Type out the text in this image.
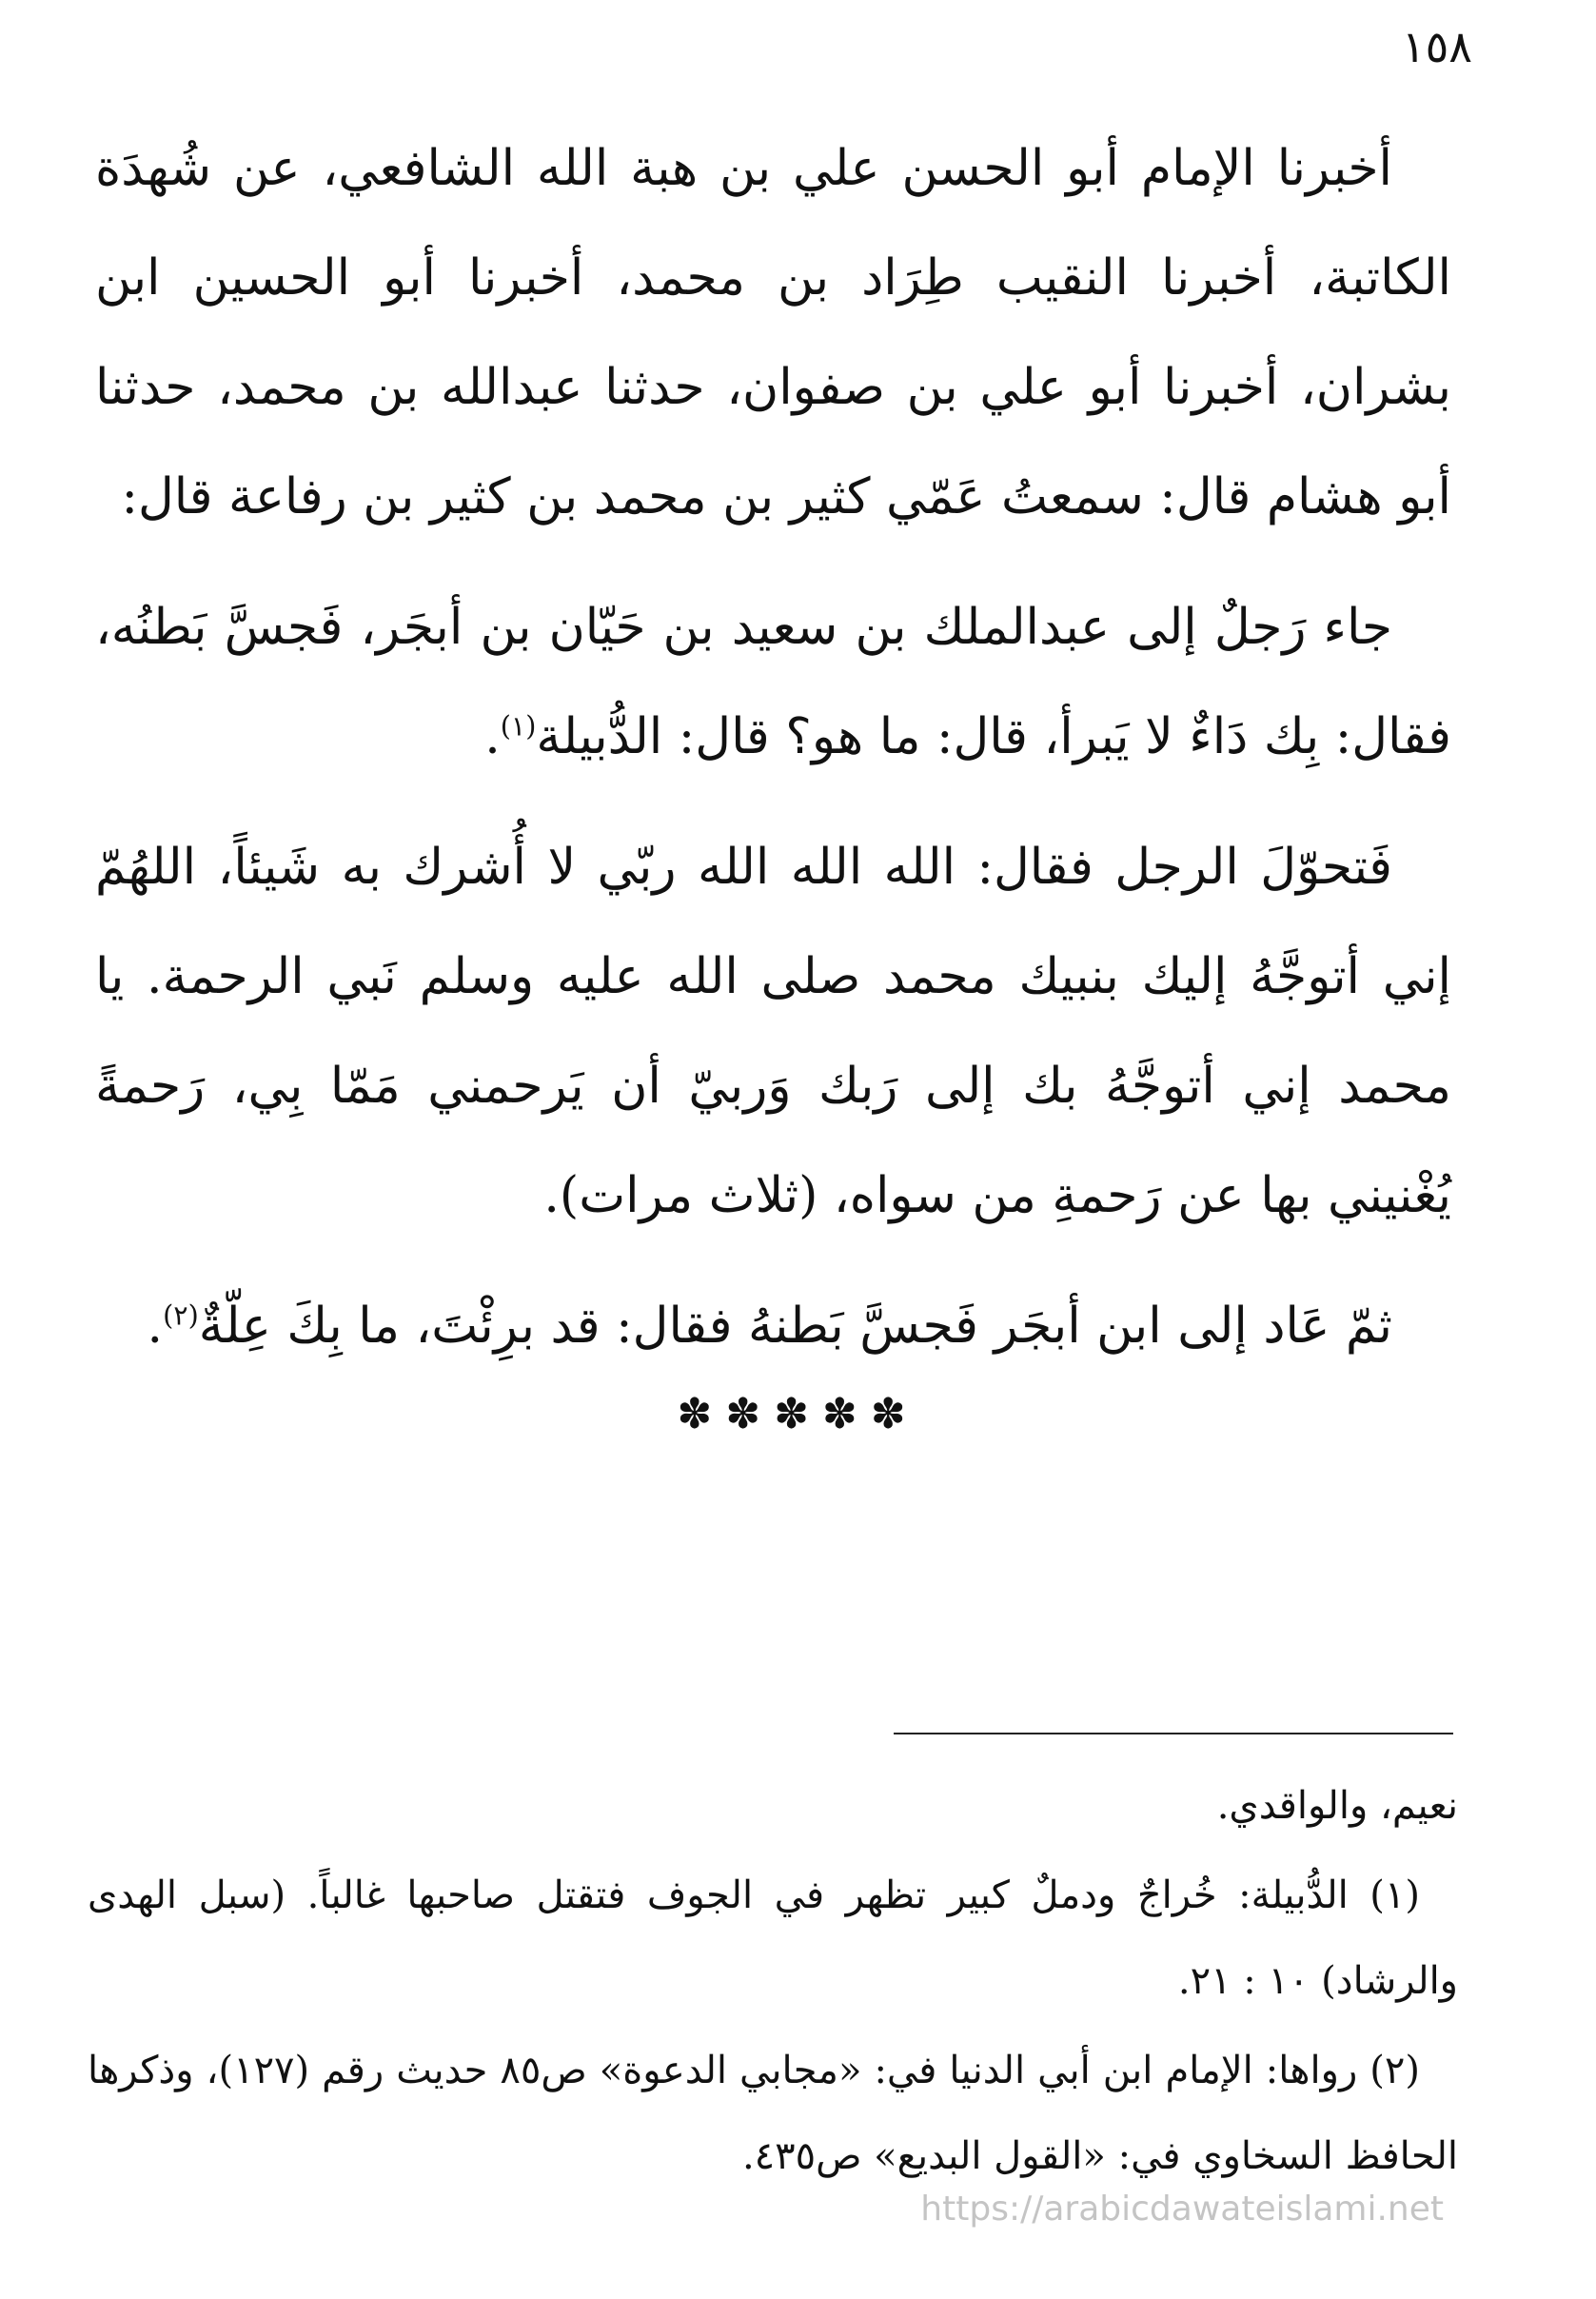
١٥٨

أخبرنا الإمام أبو الحسن علي بن هبة الله الشافعي، عن شُهدَة الكاتبة، أخبرنا النقيب طِرَاد بن محمد، أخبرنا أبو الحسين ابن بشران، أخبرنا أبو علي بن صفوان، حدثنا عبدالله بن محمد، حدثنا أبو هشام قال: سمعتُ عَمّي كثير بن محمد بن كثير بن رفاعة قال:

جاء رَجلٌ إلى عبدالملك بن سعيد بن حَيّان بن أبجَر، فَجسَّ بَطنُه، فقال: بِك دَاءٌ لا يَبرأ، قال: ما هو؟ قال: الدُّبيلة$^{(١)}$.

فَتحوّلَ الرجل فقال: الله الله الله ربّي لا أُشرك به شَيئاً، اللهُمّ إني أتوجَّهُ إليك بنبيك محمد صلى الله عليه وسلم نَبي الرحمة. يا محمد إني أتوجَّهُ بك إلى رَبك وَربيّ أن يَرحمني مَمّا بِي، رَحمةً يُغْنيني بها عن رَحمةِ من سواه، (ثلاث مرات).

ثمّ عَاد إلى ابن أبجَر فَجسَّ بَطنهُ فقال: قد برِئْتَ، ما بِكَ عِلّةٌ$^{(٢)}$.

✽✽✽✽✽

نعيم، والواقدي.

(١) الدُّبيلة: خُراجٌ ودملٌ كبير تظهر في الجوف فتقتل صاحبها غالباً. (سبل الهدى والرشاد) ١٠ : ٢١.

(٢) رواها: الإمام ابن أبي الدنيا في: «مجابي الدعوة» ص٨٥ حديث رقم (١٢٧)، وذكرها الحافظ السخاوي في: «القول البديع» ص٤٣٥.

https://arabicdawateislami.net
